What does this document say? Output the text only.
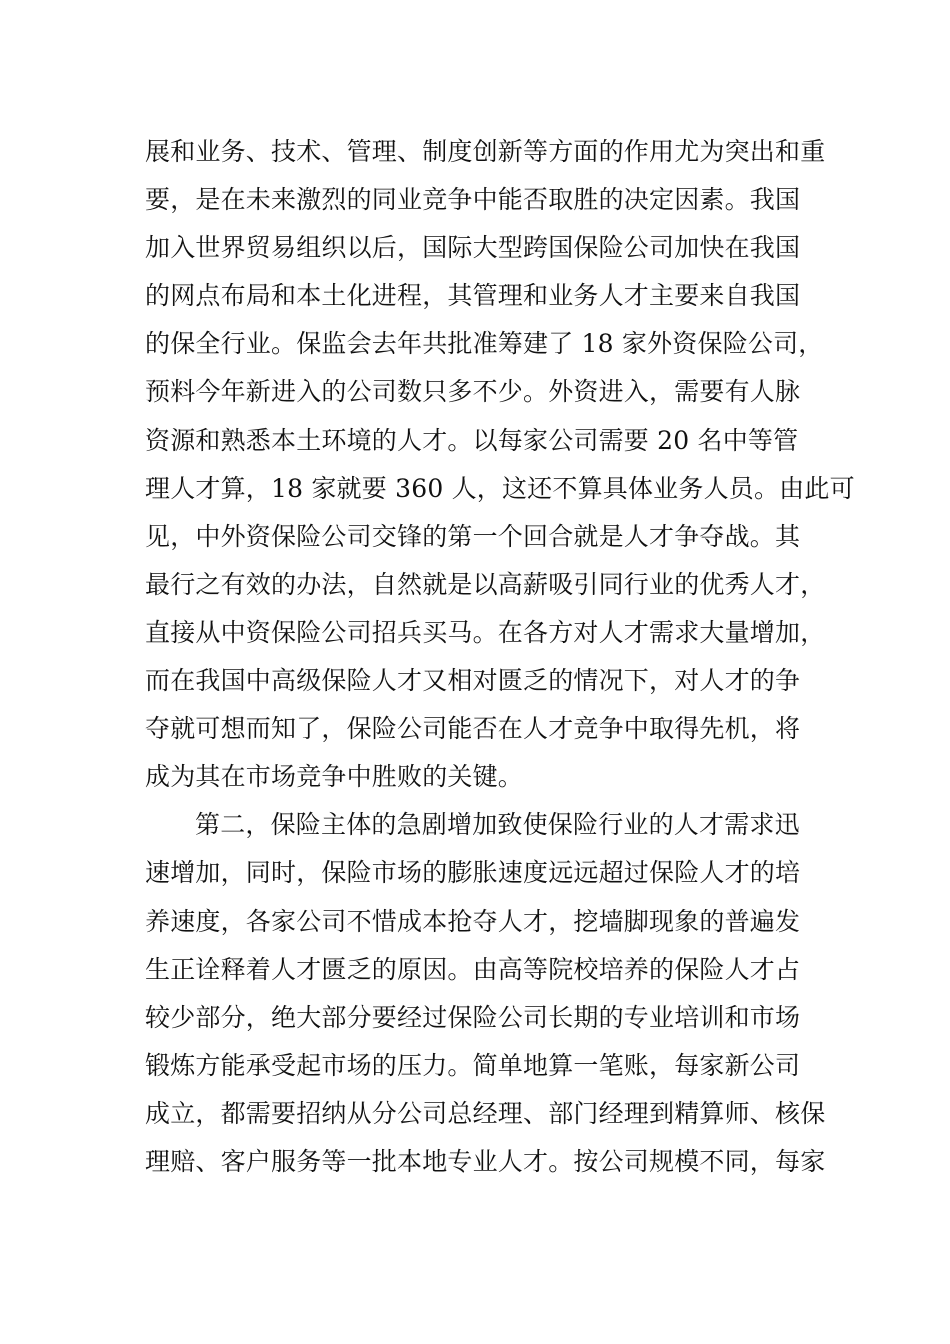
展和业务、技术、管理、制度创新等方面的作用尤为突出和重
要，是在未来激烈的同业竞争中能否取胜的决定因素。我国
加入世界贸易组织以后，国际大型跨国保险公司加快在我国
的网点布局和本土化进程，其管理和业务人才主要来自我国
的保全行业。保监会去年共批准筹建了 18 家外资保险公司，
预料今年新进入的公司数只多不少。外资进入，需要有人脉
资源和熟悉本土环境的人才。以每家公司需要 20 名中等管
理人才算，18 家就要 360 人，这还不算具体业务人员。由此可
见，中外资保险公司交锋的第一个回合就是人才争夺战。其
最行之有效的办法，自然就是以高薪吸引同行业的优秀人才，
直接从中资保险公司招兵买马。在各方对人才需求大量增加，
而在我国中高级保险人才又相对匮乏的情况下，对人才的争
夺就可想而知了，保险公司能否在人才竞争中取得先机，将
成为其在市场竞争中胜败的关键。
第二，保险主体的急剧增加致使保险行业的人才需求迅
速增加，同时，保险市场的膨胀速度远远超过保险人才的培
养速度，各家公司不惜成本抢夺人才，挖墙脚现象的普遍发
生正诠释着人才匮乏的原因。由高等院校培养的保险人才占
较少部分，绝大部分要经过保险公司长期的专业培训和市场
锻炼方能承受起市场的压力。简单地算一笔账，每家新公司
成立，都需要招纳从分公司总经理、部门经理到精算师、核保
理赔、客户服务等一批本地专业人才。按公司规模不同，每家
